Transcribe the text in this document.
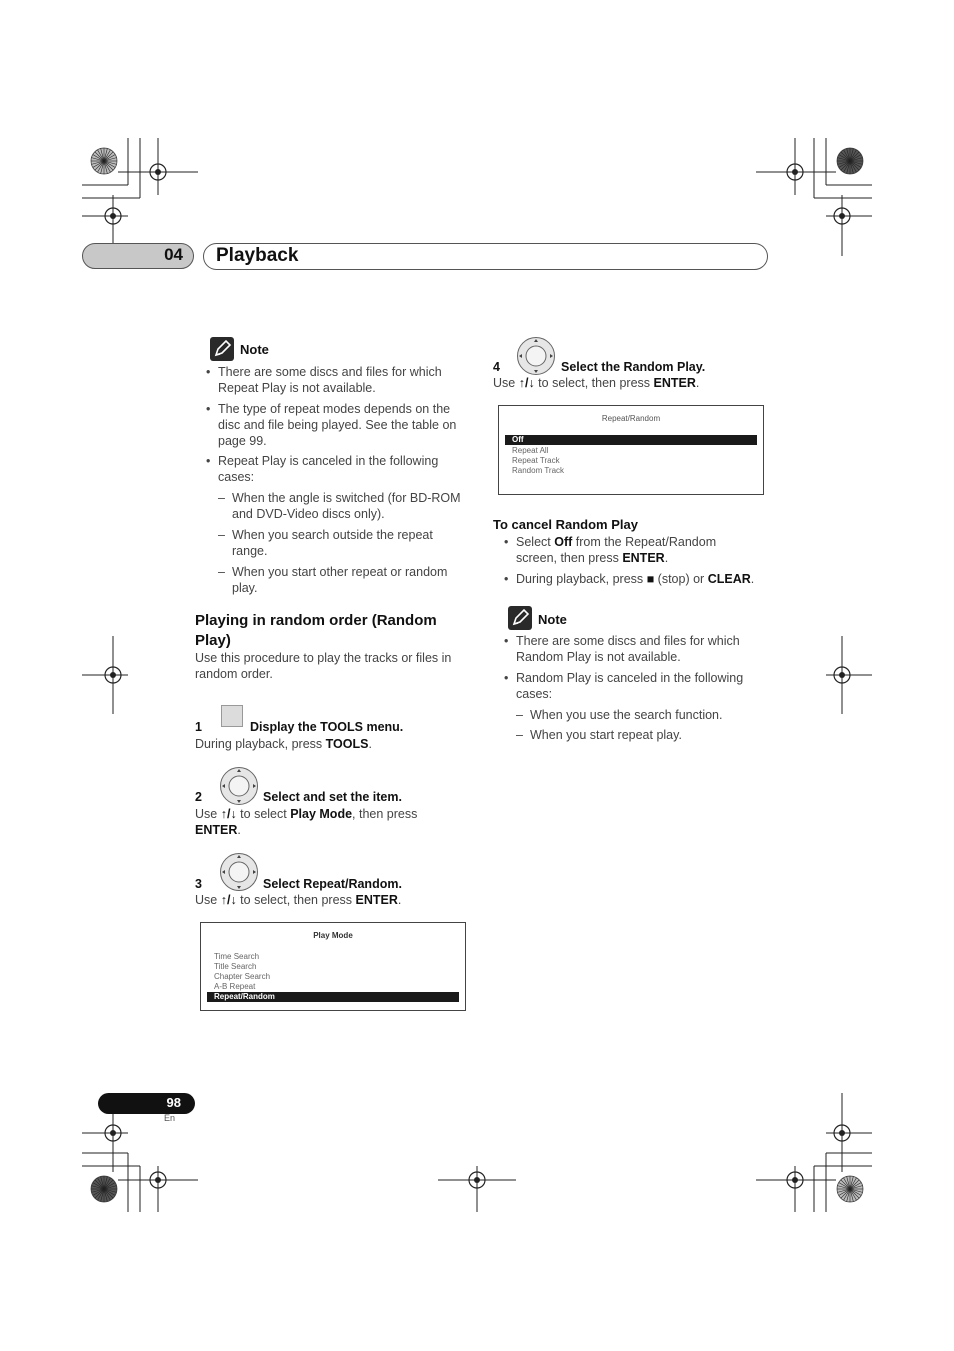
04 Playback
Note
• There are some discs and files for which Repeat Play is not available.
• The type of repeat modes depends on the disc and file being played. See the table on page 99.
• Repeat Play is canceled in the following cases:
– When the angle is switched (for BD-ROM and DVD-Video discs only).
– When you search outside the repeat range.
– When you start other repeat or random play.
Playing in random order (Random
Play)
Use this procedure to play the tracks or files in random order.
1	Display the TOOLS menu.
During playback, press TOOLS.
2	Select and set the item.
Use ↑/↓ to select Play Mode, then press
ENTER.
3	Select Repeat/Random.
Use ↑/↓ to select, then press ENTER.
Play Mode
Time Search
Title Search
Chapter Search
A-B Repeat
Repeat/Random
4	Select the Random Play.
Use ↑/↓ to select, then press ENTER.
Repeat/Random
Off
Repeat All
Repeat Track
Random Track
To cancel Random Play
• Select Off from the Repeat/Random
screen, then press ENTER.
• During playback, press ■ (stop) or CLEAR.
Note
• There are some discs and files for which Random Play is not available.
• Random Play is canceled in the following cases:
– When you use the search function.
– When you start repeat play.
98
En
